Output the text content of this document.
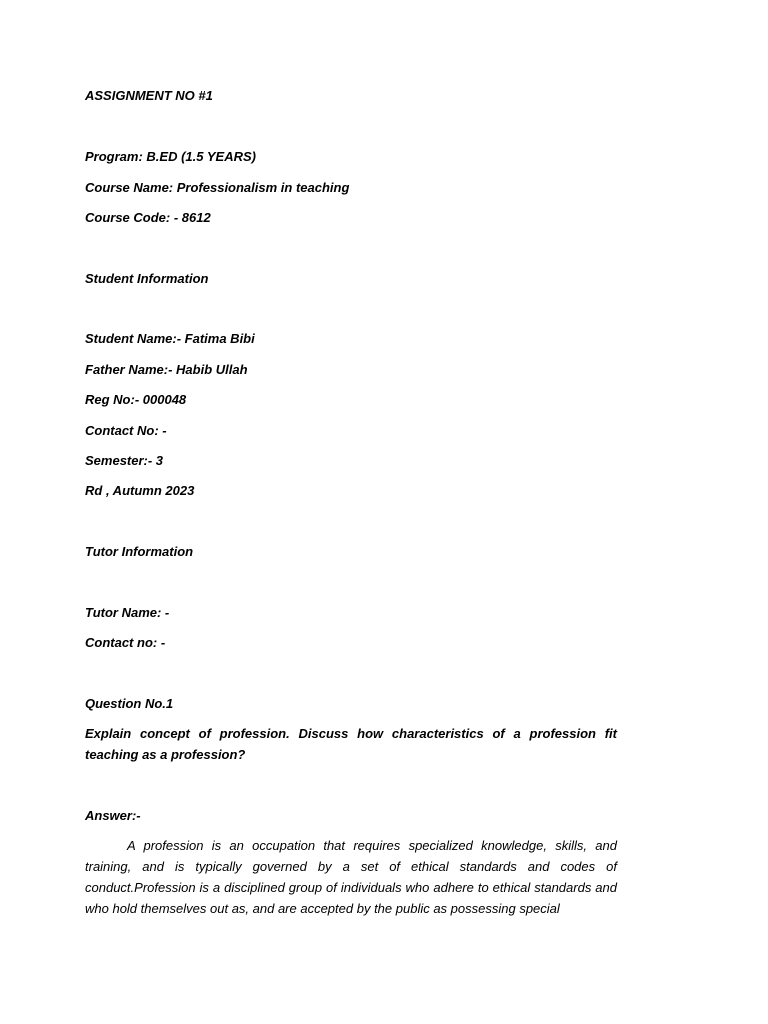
ASSIGNMENT NO #1
Program: B.ED (1.5 YEARS)
Course Name: Professionalism in teaching
Course Code: - 8612
Student Information
Student Name:- Fatima Bibi
Father Name:- Habib Ullah
Reg No:- 000048
Contact No: -
Semester:- 3
Rd , Autumn 2023
Tutor Information
Tutor Name: -
Contact no: -
Question No.1
Explain concept of profession. Discuss how characteristics of a profession fit teaching as a profession?
Answer:-
A profession is an occupation that requires specialized knowledge, skills, and training, and is typically governed by a set of ethical standards and codes of conduct.Profession is a disciplined group of individuals who adhere to ethical standards and who hold themselves out as, and are accepted by the public as possessing special
